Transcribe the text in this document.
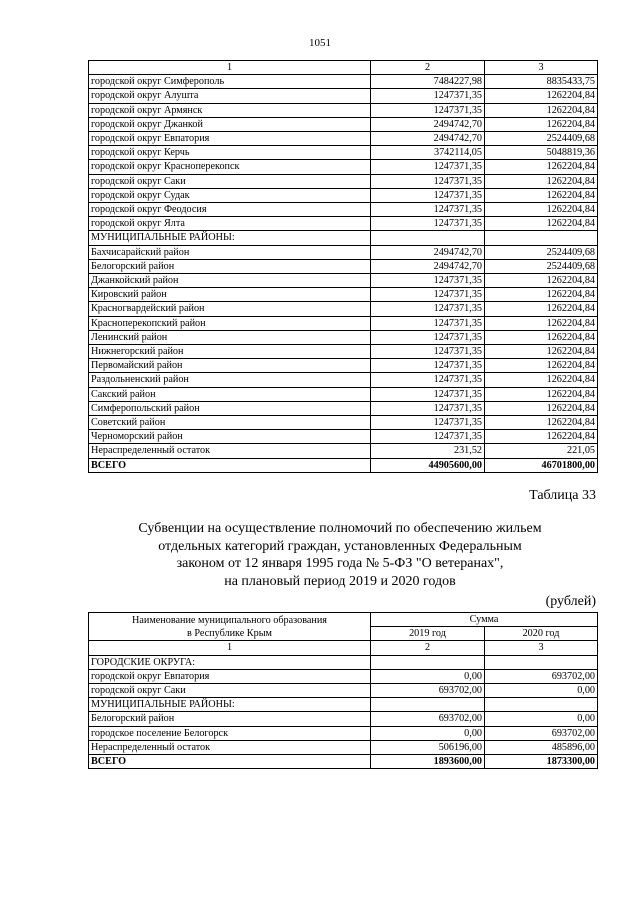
1051
1	2	3
городской округ Симферополь	7484227,98	8835433,75
городской округ Алушта	1247371,35	1262204,84
городской округ Армянск	1247371,35	1262204,84
городской округ Джанкой	2494742,70	1262204,84
городской округ Евпатория	2494742,70	2524409,68
городской округ Керчь	3742114,05	5048819,36
городской округ Красноперекопск	1247371,35	1262204,84
городской округ Саки	1247371,35	1262204,84
городской округ Судак	1247371,35	1262204,84
городской округ Феодосия	1247371,35	1262204,84
городской округ Ялта	1247371,35	1262204,84
МУНИЦИПАЛЬНЫЕ РАЙОНЫ:		
Бахчисарайский район	2494742,70	2524409,68
Белогорский район	2494742,70	2524409,68
Джанкойский район	1247371,35	1262204,84
Кировский район	1247371,35	1262204,84
Красногвардейский район	1247371,35	1262204,84
Красноперекопский район	1247371,35	1262204,84
Ленинский район	1247371,35	1262204,84
Нижнегорский район	1247371,35	1262204,84
Первомайский район	1247371,35	1262204,84
Раздольненский район	1247371,35	1262204,84
Сакский район	1247371,35	1262204,84
Симферопольский район	1247371,35	1262204,84
Советский район	1247371,35	1262204,84
Черноморский район	1247371,35	1262204,84
Нераспределенный остаток	231,52	221,05
ВСЕГО	44905600,00	46701800,00
Таблица 33
Субвенции на осуществление полномочий по обеспечению жильем
отдельных категорий граждан, установленных Федеральным
законом от 12 января 1995 года № 5-ФЗ "О ветеранах",
на плановый период 2019 и 2020 годов
(рублей)
Наименование муниципального образования
в Республике Крым	Сумма	
	2019 год	2020 год
1	2	3
ГОРОДСКИЕ ОКРУГА:		
городской округ Евпатория	0,00	693702,00
городской округ Саки	693702,00	0,00
МУНИЦИПАЛЬНЫЕ РАЙОНЫ:		
Белогорский район	693702,00	0,00
городское поселение Белогорск	0,00	693702,00
Нераспределенный остаток	506196,00	485896,00
ВСЕГО	1893600,00	1873300,00
